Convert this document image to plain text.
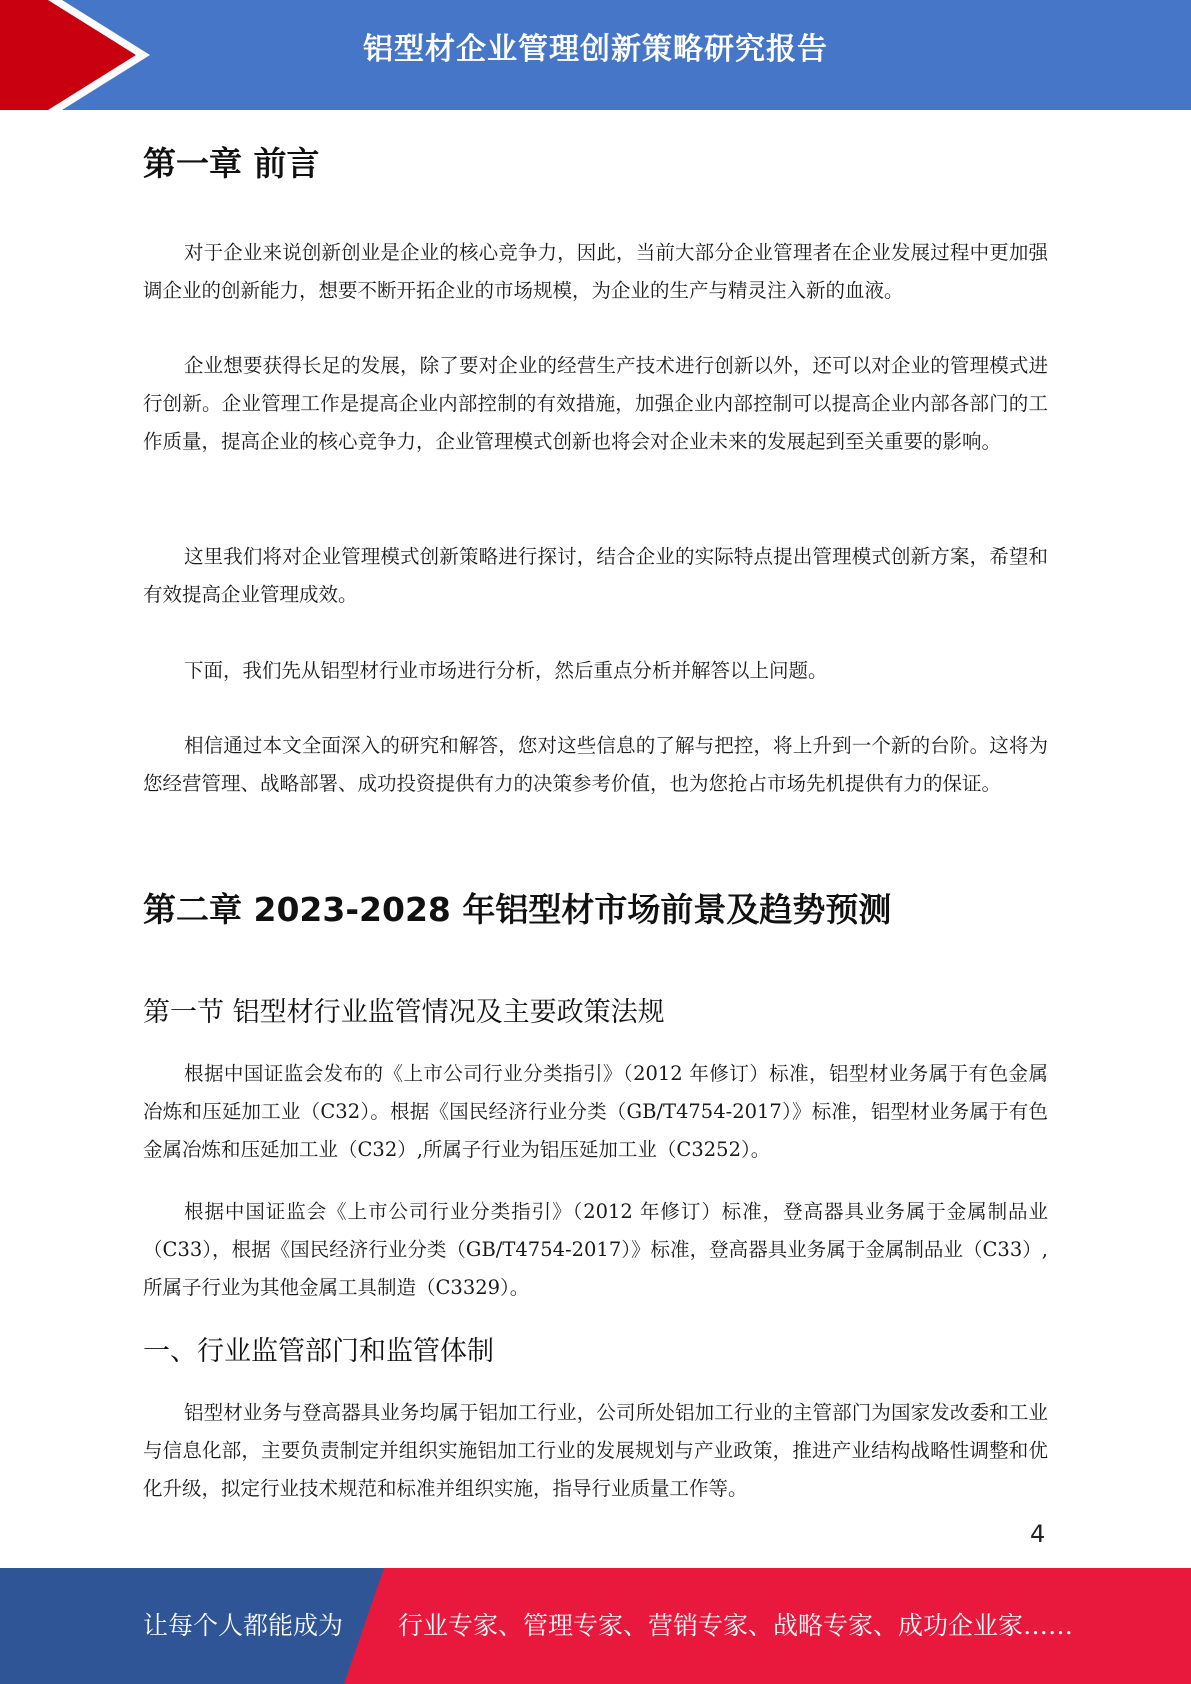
铝型材企业管理创新策略研究报告
第一章 前言

对于企业来说创新创业是企业的核心竞争力，因此，当前大部分企业管理者在企业发展过程中更加强调企业的创新能力，想要不断开拓企业的市场规模，为企业的生产与精灵注入新的血液。

企业想要获得长足的发展，除了要对企业的经营生产技术进行创新以外，还可以对企业的管理模式进行创新。企业管理工作是提高企业内部控制的有效措施，加强企业内部控制可以提高企业内部各部门的工作质量，提高企业的核心竞争力，企业管理模式创新也将会对企业未来的发展起到至关重要的影响。

这里我们将对企业管理模式创新策略进行探讨，结合企业的实际特点提出管理模式创新方案，希望和有效提高企业管理成效。

下面，我们先从铝型材行业市场进行分析，然后重点分析并解答以上问题。

相信通过本文全面深入的研究和解答，您对这些信息的了解与把控，将上升到一个新的台阶。这将为您经营管理、战略部署、成功投资提供有力的决策参考价值，也为您抢占市场先机提供有力的保证。

第二章 2023-2028 年铝型材市场前景及趋势预测
第一节 铝型材行业监管情况及主要政策法规

根据中国证监会发布的《上市公司行业分类指引》（2012 年修订）标准，铝型材业务属于有色金属冶炼和压延加工业（C32）。根据《国民经济行业分类（GB/T4754-2017）》标准，铝型材业务属于有色金属冶炼和压延加工业（C32）,所属子行业为铝压延加工业（C3252）。

根据中国证监会《上市公司行业分类指引》（2012 年修订）标准，登高器具业务属于金属制品业（C33），根据《国民经济行业分类（GB/T4754-2017）》标准，登高器具业务属于金属制品业（C33）,所属子行业为其他金属工具制造（C3329）。

一、行业监管部门和监管体制

铝型材业务与登高器具业务均属于铝加工行业，公司所处铝加工行业的主管部门为国家发改委和工业与信息化部，主要负责制定并组织实施铝加工行业的发展规划与产业政策，推进产业结构战略性调整和优化升级，拟定行业技术规范和标准并组织实施，指导行业质量工作等。

4
让每个人都能成为 行业专家、管理专家、营销专家、战略专家、成功企业家……
